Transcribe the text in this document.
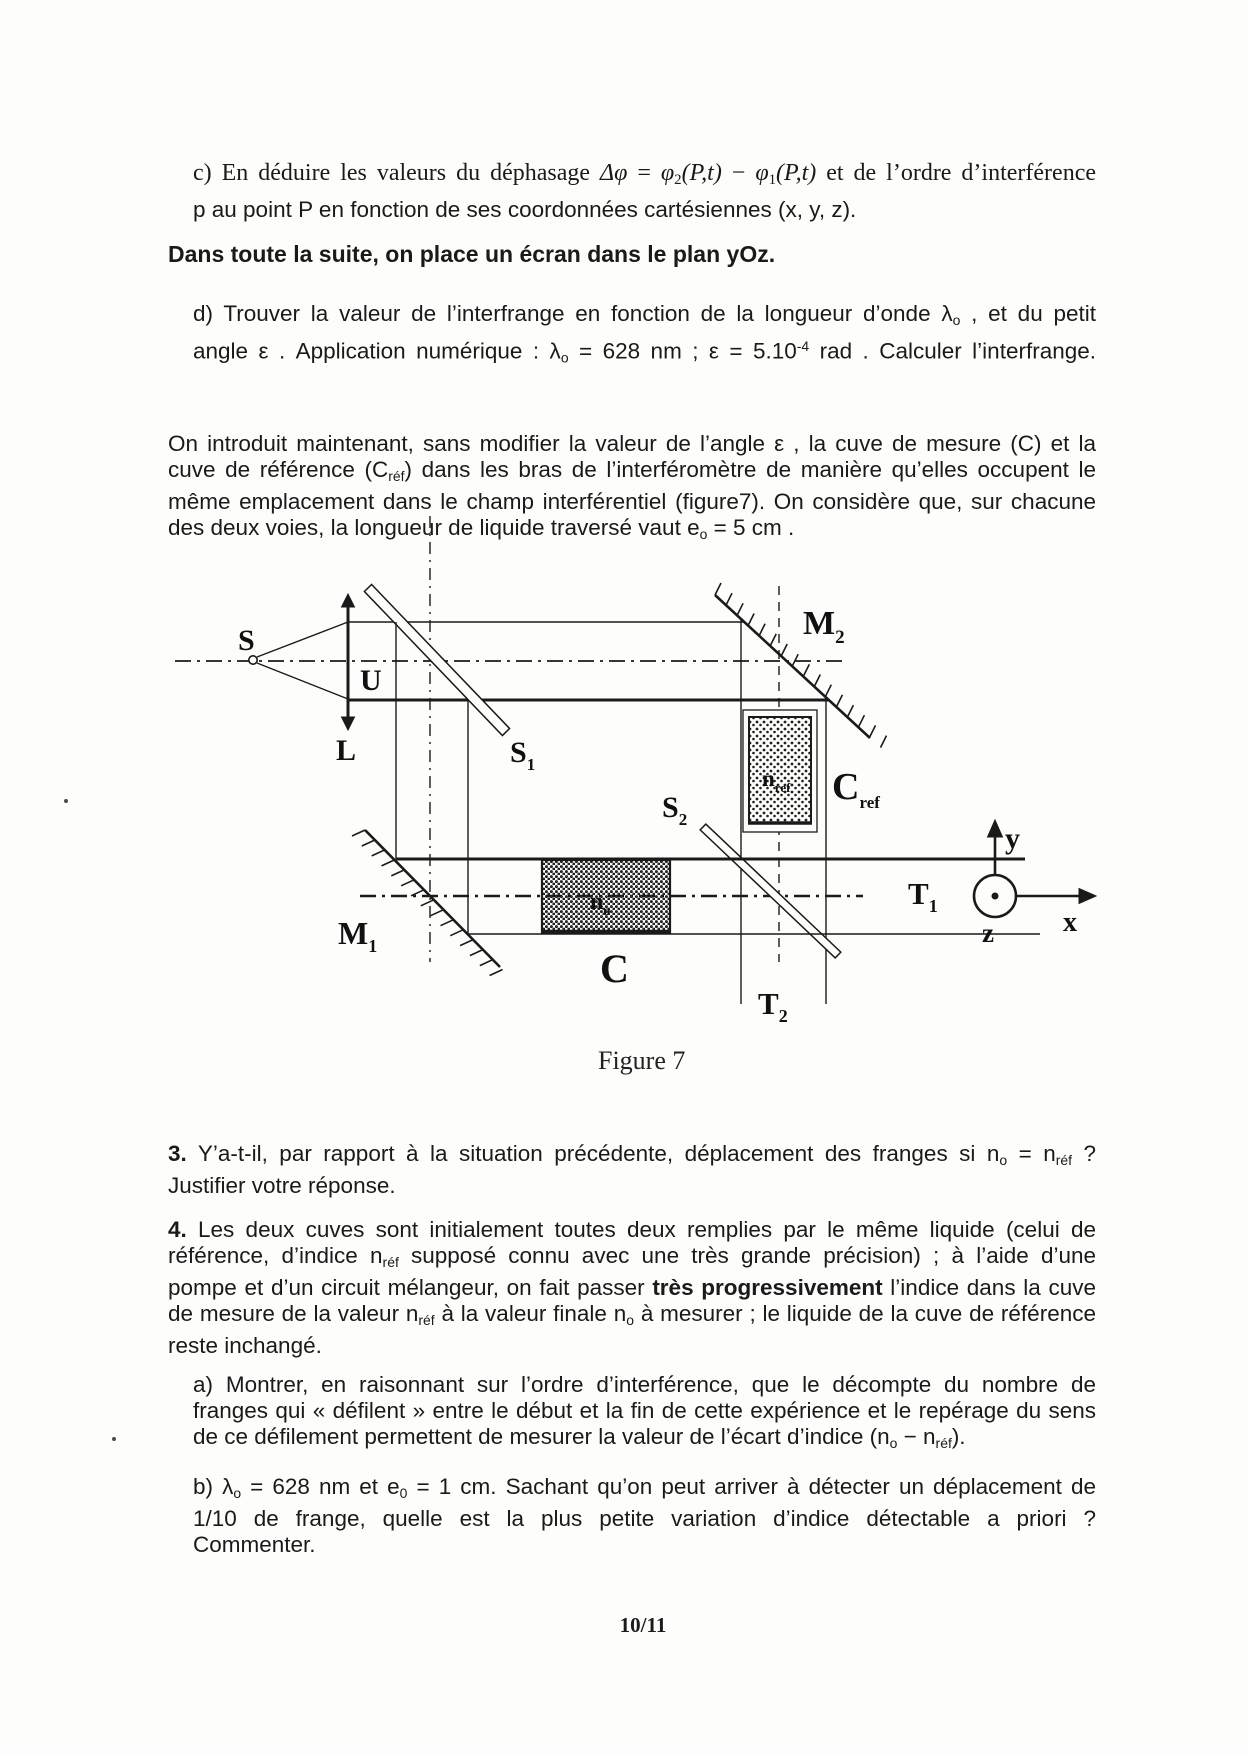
c) En déduire les valeurs du déphasage Δφ = φ2(P,t) − φ1(P,t) et de l’ordre d’interférence
p au point P en fonction de ses coordonnées cartésiennes (x, y, z).
Dans toute la suite, on place un écran dans le plan yOz.
d) Trouver la valeur de l’interfrange en fonction de la longueur d’onde λo , et du petit
angle ε . Application numérique : λo = 628 nm ; $\varepsilon = 5.10^{-4}$ rad . Calculer l’interfrange.
On introduit maintenant, sans modifier la valeur de l’angle ε , la cuve de mesure (C) et la
cuve de référence (Créf) dans les bras de l’interféromètre de manière qu’elles occupent le
même emplacement dans le champ interférentiel (figure7). On considère que, sur chacune
des deux voies, la longueur de liquide traversé vaut eo = 5 cm .
S
U
L	$S_1$
$M_1$
$M_2$
$n_{ref}$ $C_{ref}$
$S_2$
$n_o$
C
$T_1$
y
x
z
$T_2$
Figure 7
3. Y’a-t-il, par rapport à la situation précédente, déplacement des franges si no = nréf ?
Justifier votre réponse.
4. Les deux cuves sont initialement toutes deux remplies par le même liquide (celui de
référence, d’indice nréf supposé connu avec une très grande précision) ; à l’aide d’une
pompe et d’un circuit mélangeur, on fait passer très progressivement l’indice dans la cuve
de mesure de la valeur nréf à la valeur finale no à mesurer ; le liquide de la cuve de référence
reste inchangé.
a) Montrer, en raisonnant sur l’ordre d’interférence, que le décompte du nombre de
franges qui « défilent » entre le début et la fin de cette expérience et le repérage du sens
de ce défilement permettent de mesurer la valeur de l’écart d’indice (no − nréf).
b) λo = 628 nm et e0 = 1 cm. Sachant qu’on peut arriver à détecter un déplacement de
1/10 de frange, quelle est la plus petite variation d’indice détectable a priori ?
Commenter.
10/11
